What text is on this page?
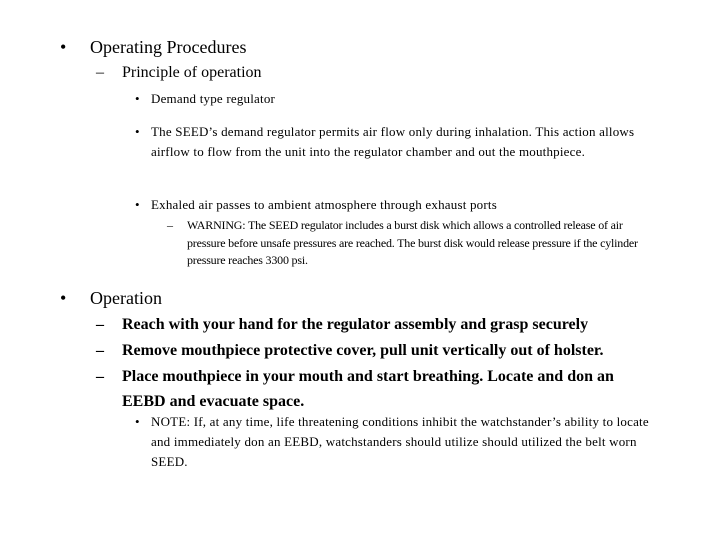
•	Operating Procedures
–	Principle of operation
• Demand type regulator
• The SEED’s demand regulator permits air flow only during inhalation. This action allows airflow to flow from the unit into the regulator chamber and out the mouthpiece.
• Exhaled air passes to ambient atmosphere through exhaust ports
–	WARNING: The SEED regulator includes a burst disk which allows a controlled release of air pressure before unsafe pressures are reached. The burst disk would release pressure if the cylinder pressure reaches 3300 psi.
•	Operation
–	Reach with your hand for the regulator assembly and grasp securely
–	Remove mouthpiece protective cover, pull unit vertically out of holster.
–	Place mouthpiece in your mouth and start breathing. Locate and don an EEBD and evacuate space.
• NOTE: If, at any time, life threatening conditions inhibit the watchstander’s ability to locate and immediately don an EEBD, watchstanders should utilize should utilized the belt worn SEED.
